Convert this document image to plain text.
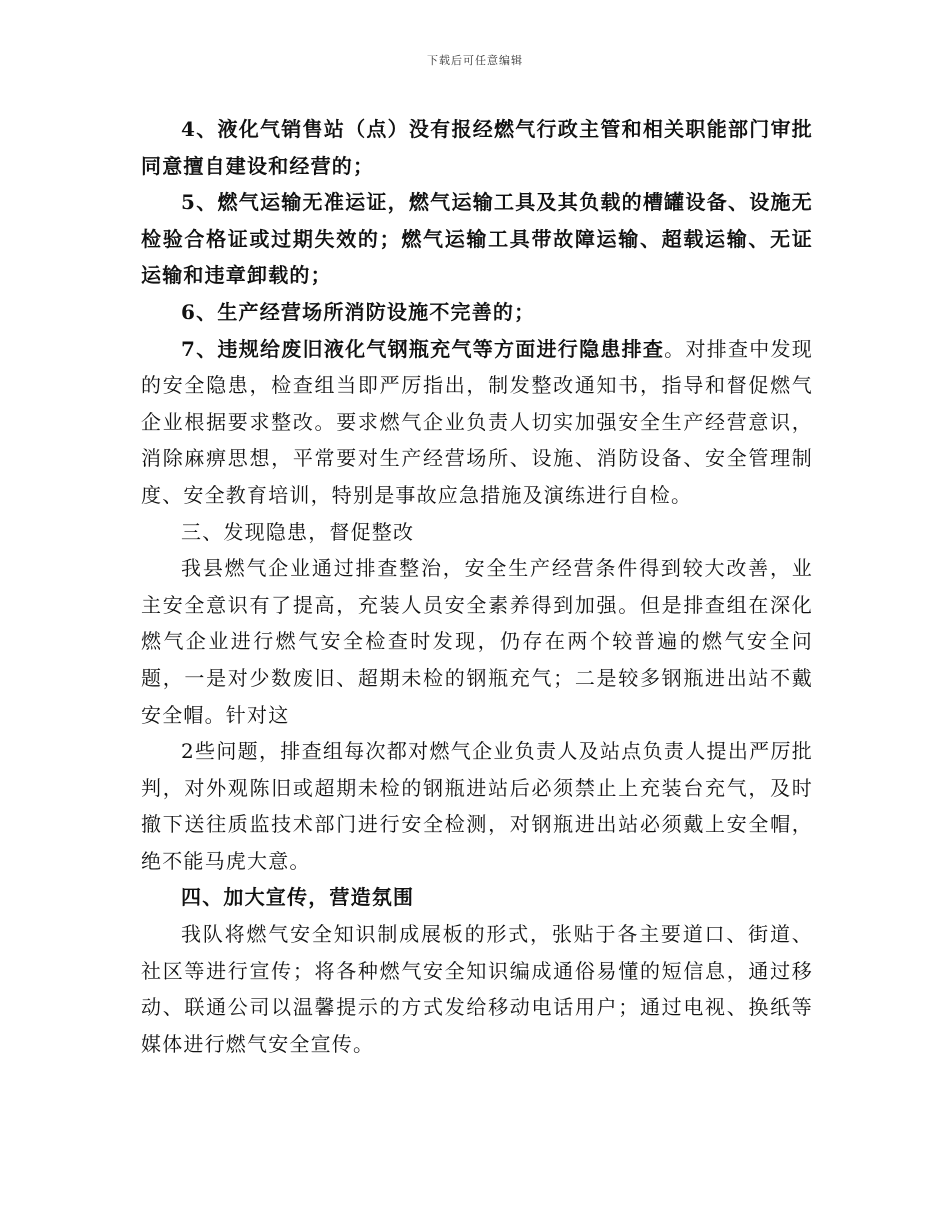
下载后可任意编辑

4、液化气销售站（点）没有报经燃气行政主管和相关职能部门审批同意擅自建设和经营的；

5、燃气运输无准运证，燃气运输工具及其负载的槽罐设备、设施无检验合格证或过期失效的；燃气运输工具带故障运输、超载运输、无证运输和违章卸载的；

6、生产经营场所消防设施不完善的；

7、违规给废旧液化气钢瓶充气等方面进行隐患排查。对排查中发现的安全隐患，检查组当即严厉指出，制发整改通知书，指导和督促燃气企业根据要求整改。要求燃气企业负责人切实加强安全生产经营意识，消除麻痹思想，平常要对生产经营场所、设施、消防设备、安全管理制度、安全教育培训，特别是事故应急措施及演练进行自检。

三、发现隐患，督促整改

我县燃气企业通过排查整治，安全生产经营条件得到较大改善，业主安全意识有了提高，充装人员安全素养得到加强。但是排查组在深化燃气企业进行燃气安全检查时发现，仍存在两个较普遍的燃气安全问题，一是对少数废旧、超期未检的钢瓶充气；二是较多钢瓶进出站不戴安全帽。针对这

2些问题，排查组每次都对燃气企业负责人及站点负责人提出严厉批判，对外观陈旧或超期未检的钢瓶进站后必须禁止上充装台充气，及时撤下送往质监技术部门进行安全检测，对钢瓶进出站必须戴上安全帽，绝不能马虎大意。

四、加大宣传，营造氛围

我队将燃气安全知识制成展板的形式，张贴于各主要道口、街道、社区等进行宣传；将各种燃气安全知识编成通俗易懂的短信息，通过移动、联通公司以温馨提示的方式发给移动电话用户；通过电视、换纸等媒体进行燃气安全宣传。
